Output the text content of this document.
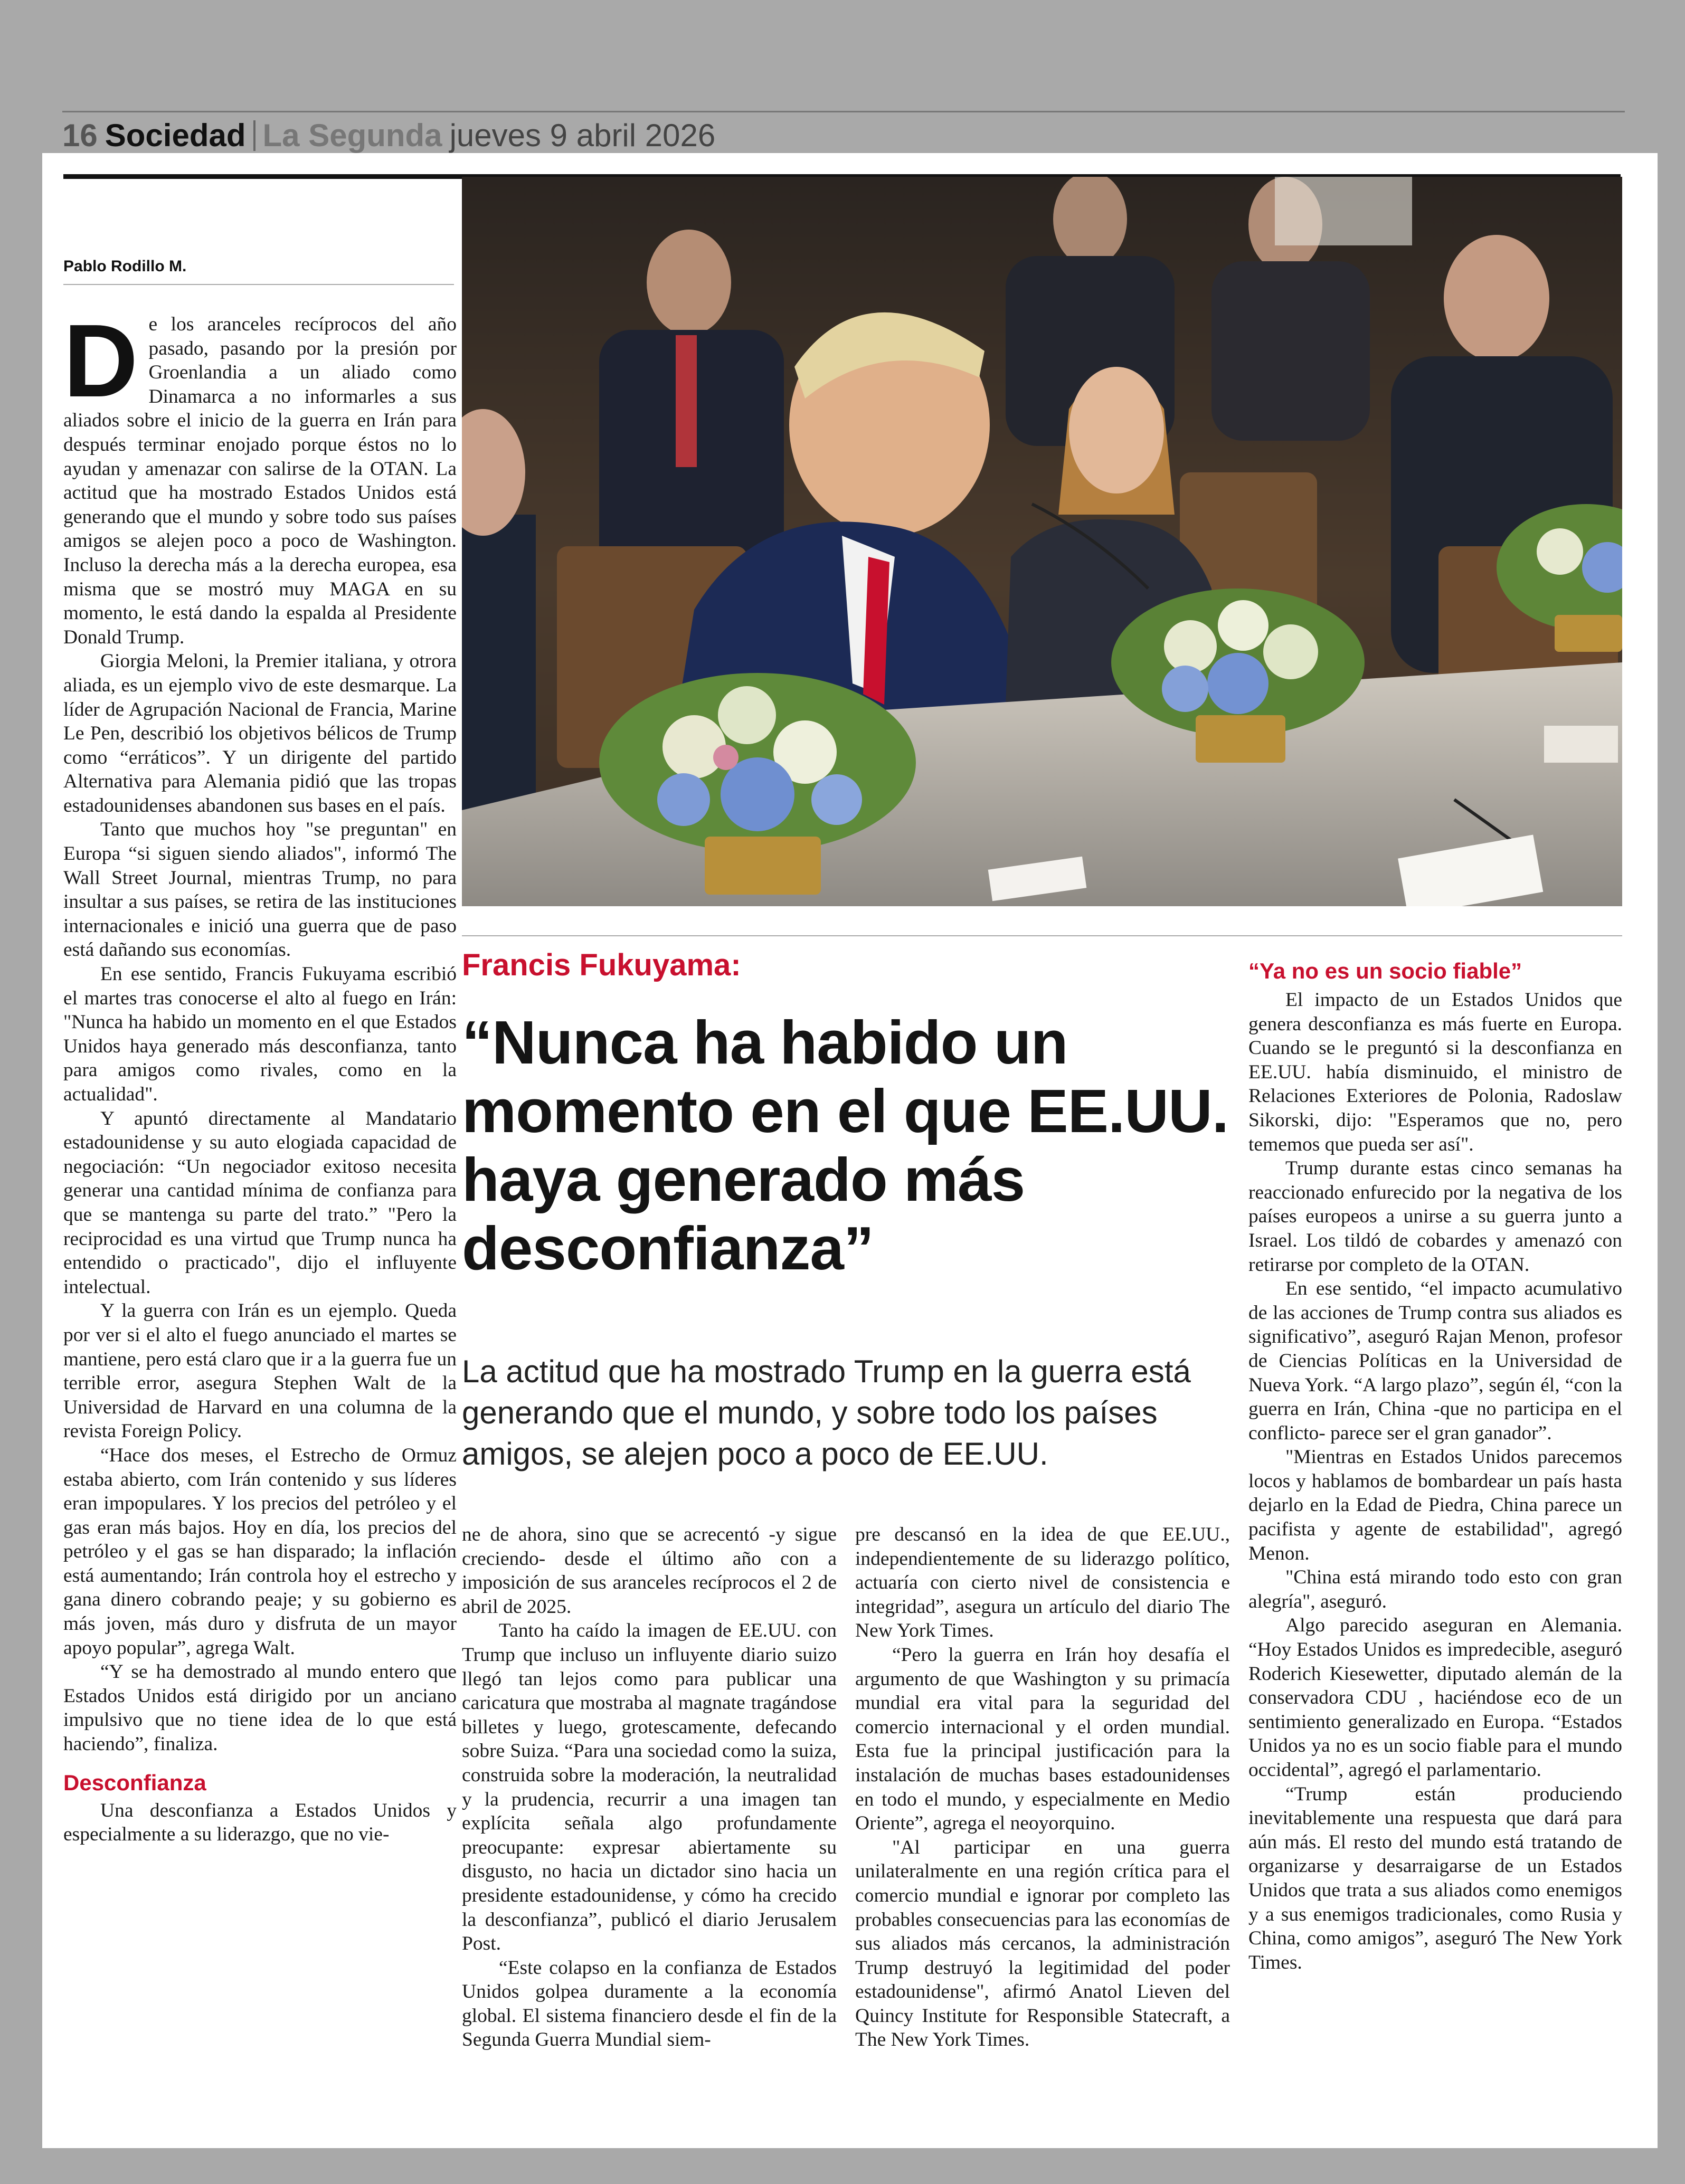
16 Sociedad La Segunda jueves 9 abril 2026
Pablo Rodillo M.

De los aranceles recíprocos del año pasado, pasando por la presión por Groenlandia a un aliado como Dinamarca a no informarles a sus aliados sobre el inicio de la guerra en Irán para después terminar enojado porque éstos no lo ayudan y amenazar con salirse de la OTAN. La actitud que ha mostrado Estados Unidos está generando que el mundo y sobre todo sus países amigos se alejen poco a poco de Washington. Incluso la derecha más a la derecha europea, esa misma que se mostró muy MAGA en su momento, le está dando la espalda al Presidente Donald Trump.

Giorgia Meloni, la Premier italiana, y otrora aliada, es un ejemplo vivo de este desmarque. La líder de Agrupación Nacional de Francia, Marine Le Pen, describió los objetivos bélicos de Trump como “erráticos”. Y un dirigente del partido Alternativa para Alemania pidió que las tropas estadounidenses abandonen sus bases en el país.

Tanto que muchos hoy "se preguntan" en Europa “si siguen siendo aliados", informó The Wall Street Journal, mientras Trump, no para insultar a sus países, se retira de las instituciones internacionales e inició una guerra que de paso está dañando sus economías.

En ese sentido, Francis Fukuyama escribió el martes tras conocerse el alto al fuego en Irán: "Nunca ha habido un momento en el que Estados Unidos haya generado más desconfianza, tanto para amigos como rivales, como en la actualidad".

Y apuntó directamente al Mandatario estadounidense y su auto elogiada capacidad de negociación: “Un negociador exitoso necesita generar una cantidad mínima de confianza para que se mantenga su parte del trato.” "Pero la reciprocidad es una virtud que Trump nunca ha entendido o practicado", dijo el influyente intelectual.

Y la guerra con Irán es un ejemplo. Queda por ver si el alto el fuego anunciado el martes se mantiene, pero está claro que ir a la guerra fue un terrible error, asegura Stephen Walt de la Universidad de Harvard en una columna de la revista Foreign Policy.

“Hace dos meses, el Estrecho de Ormuz estaba abierto, com Irán contenido y sus líderes eran impopulares. Y los precios del petróleo y el gas eran más bajos. Hoy en día, los precios del petróleo y el gas se han disparado; la inflación está aumentando; Irán controla hoy el estrecho y gana dinero cobrando peaje; y su gobierno es más joven, más duro y disfruta de un mayor apoyo popular”, agrega Walt.

“Y se ha demostrado al mundo entero que Estados Unidos está dirigido por un anciano impulsivo que no tiene idea de lo que está haciendo”, finaliza.

Desconfianza

Una desconfianza a Estados Unidos y especialmente a su liderazgo, que no vie-

Francis Fukuyama:
“Nunca ha habido un momento en el que EE.UU. haya generado más desconfianza”
La actitud que ha mostrado Trump en la guerra está generando que el mundo, y sobre todo los países amigos, se alejen poco a poco de EE.UU.

ne de ahora, sino que se acrecentó -y sigue creciendo- desde el último año con a imposición de sus aranceles recíprocos el 2 de abril de 2025.

Tanto ha caído la imagen de EE.UU. con Trump que incluso un influyente diario suizo llegó tan lejos como para publicar una caricatura que mostraba al magnate tragándose billetes y luego, grotescamente, defecando sobre Suiza. “Para una sociedad como la suiza, construida sobre la moderación, la neutralidad y la prudencia, recurrir a una imagen tan explícita señala algo profundamente preocupante: expresar abiertamente su disgusto, no hacia un dictador sino hacia un presidente estadounidense, y cómo ha crecido la desconfianza”, publicó el diario Jerusalem Post.

“Este colapso en la confianza de Estados Unidos golpea duramente a la economía global. El sistema financiero desde el fin de la Segunda Guerra Mundial siem-

pre descansó en la idea de que EE.UU., independientemente de su liderazgo político, actuaría con cierto nivel de consistencia e integridad”, asegura un artículo del diario The New York Times.

“Pero la guerra en Irán hoy desafía el argumento de que Washington y su primacía mundial era vital para la seguridad del comercio internacional y el orden mundial. Esta fue la principal justificación para la instalación de muchas bases estadounidenses en todo el mundo, y especialmente en Medio Oriente”, agrega el neoyorquino.

"Al participar en una guerra unilateralmente en una región crítica para el comercio mundial e ignorar por completo las probables consecuencias para las economías de sus aliados más cercanos, la administración Trump destruyó la legitimidad del poder estadounidense", afirmó Anatol Lieven del Quincy Institute for Responsible Statecraft, a The New York Times.

“Ya no es un socio fiable”

El impacto de un Estados Unidos que genera desconfianza es más fuerte en Europa. Cuando se le preguntó si la desconfianza en EE.UU. había disminuido, el ministro de Relaciones Exteriores de Polonia, Radoslaw Sikorski, dijo: "Esperamos que no, pero tememos que pueda ser así".

Trump durante estas cinco semanas ha reaccionado enfurecido por la negativa de los países europeos a unirse a su guerra junto a Israel. Los tildó de cobardes y amenazó con retirarse por completo de la OTAN.

En ese sentido, “el impacto acumulativo de las acciones de Trump contra sus aliados es significativo”, aseguró Rajan Menon, profesor de Ciencias Políticas en la Universidad de Nueva York. “A largo plazo”, según él, “con la guerra en Irán, China -que no participa en el conflicto- parece ser el gran ganador”.

"Mientras en Estados Unidos parecemos locos y hablamos de bombardear un país hasta dejarlo en la Edad de Piedra, China parece un pacifista y agente de estabilidad", agregó Menon.

"China está mirando todo esto con gran alegría", aseguró.

Algo parecido aseguran en Alemania. “Hoy Estados Unidos es impredecible, aseguró Roderich Kiesewetter, diputado alemán de la conservadora CDU , haciéndose eco de un sentimiento generalizado en Europa. “Estados Unidos ya no es un socio fiable para el mundo occidental”, agregó el parlamentario.

“Trump están produciendo inevitablemente una respuesta que dará para aún más. El resto del mundo está tratando de organizarse y desarraigarse de un Estados Unidos que trata a sus aliados como enemigos y a sus enemigos tradicionales, como Rusia y China, como amigos”, aseguró The New York Times.
